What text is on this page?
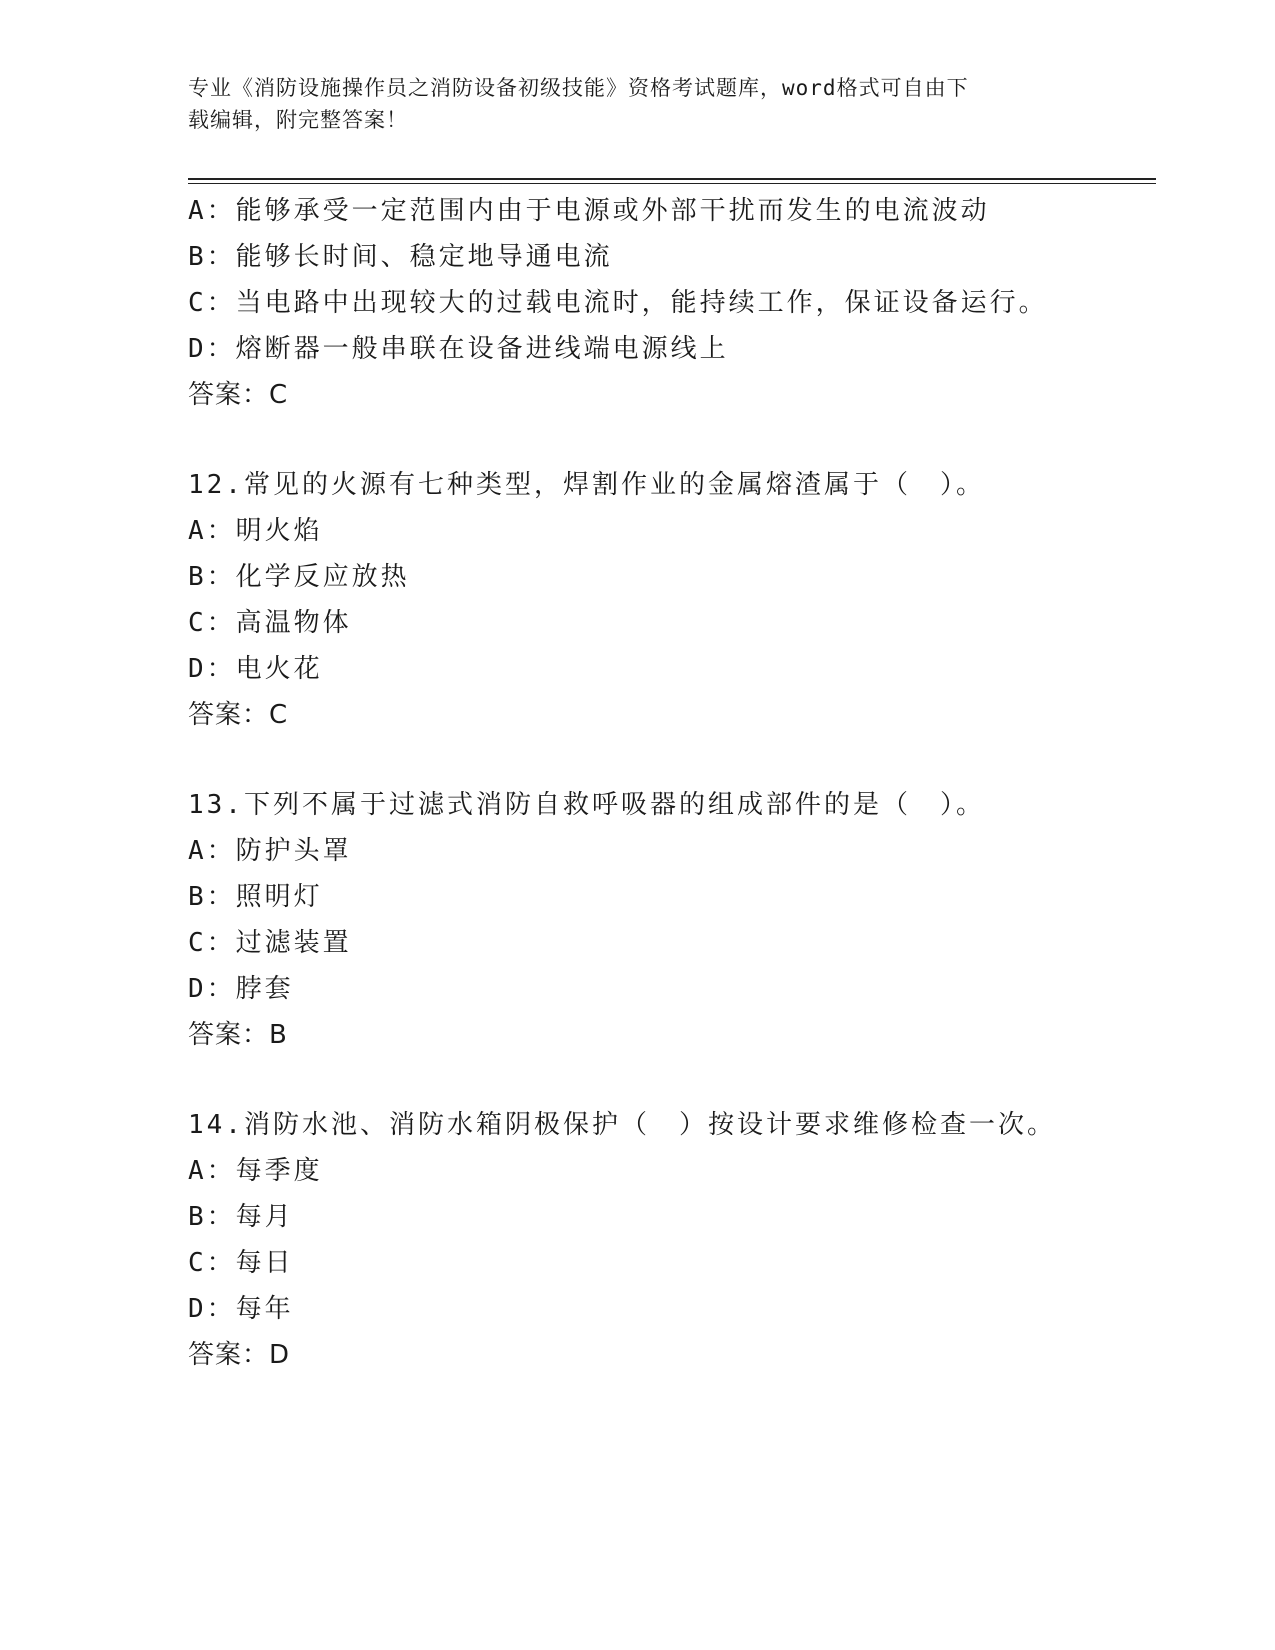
专业《消防设施操作员之消防设备初级技能》资格考试题库，word格式可自由下
载编辑，附完整答案！
A：能够承受一定范围内由于电源或外部干扰而发生的电流波动
B：能够长时间、稳定地导通电流
C：当电路中出现较大的过载电流时，能持续工作，保证设备运行。
D：熔断器一般串联在设备进线端电源线上
答案：C
12.常见的火源有七种类型，焊割作业的金属熔渣属于（　）。
A：明火焰
B：化学反应放热
C：高温物体
D：电火花
答案：C
13.下列不属于过滤式消防自救呼吸器的组成部件的是（　）。
A：防护头罩
B：照明灯
C：过滤装置
D：脖套
答案：B
14.消防水池、消防水箱阴极保护（　）按设计要求维修检查一次。
A：每季度
B：每月
C：每日
D：每年
答案：D
